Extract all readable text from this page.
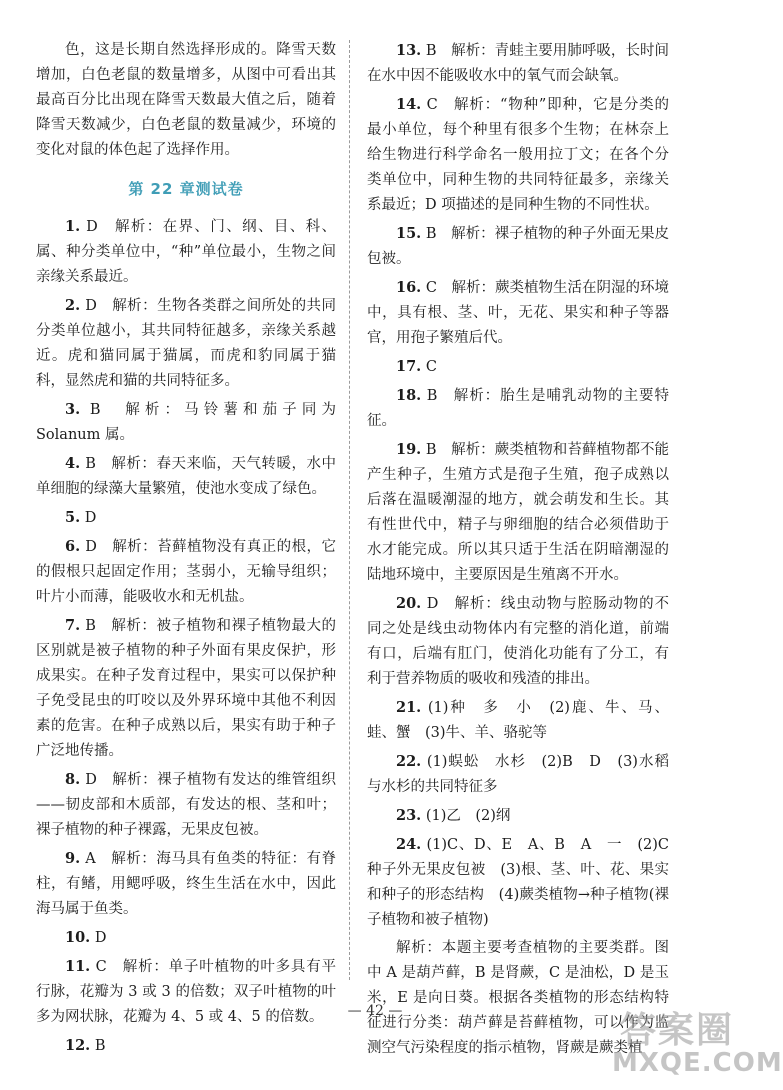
色，这是长期自然选择形成的。降雪天数增加，白色老鼠的数量增多，从图中可看出其最高百分比出现在降雪天数最大值之后，随着降雪天数减少，白色老鼠的数量减少，环境的变化对鼠的体色起了选择作用。

第 22 章测试卷

1. D　解析：在界、门、纲、目、科、属、种分类单位中，“种”单位最小，生物之间亲缘关系最近。

2. D　解析：生物各类群之间所处的共同分类单位越小，其共同特征越多，亲缘关系越近。虎和猫同属于猫属，而虎和豹同属于猫科，显然虎和猫的共同特征多。

3. B　解析：马铃薯和茄子同为 Solanum 属。

4. B　解析：春天来临，天气转暖，水中单细胞的绿藻大量繁殖，使池水变成了绿色。

5. D

6. D　解析：苔藓植物没有真正的根，它的假根只起固定作用；茎弱小，无输导组织；叶片小而薄，能吸收水和无机盐。

7. B　解析：被子植物和裸子植物最大的区别就是被子植物的种子外面有果皮保护，形成果实。在种子发育过程中，果实可以保护种子免受昆虫的叮咬以及外界环境中其他不利因素的危害。在种子成熟以后，果实有助于种子广泛地传播。

8. D　解析：裸子植物有发达的维管组织——韧皮部和木质部，有发达的根、茎和叶；裸子植物的种子裸露，无果皮包被。

9. A　解析：海马具有鱼类的特征：有脊柱，有鳍，用鳃呼吸，终生生活在水中，因此海马属于鱼类。

10. D

11. C　解析：单子叶植物的叶多具有平行脉，花瓣为 3 或 3 的倍数；双子叶植物的叶多为网状脉，花瓣为 4、5 或 4、5 的倍数。

12. B

13. B　解析：青蛙主要用肺呼吸，长时间在水中因不能吸收水中的氧气而会缺氧。

14. C　解析：“物种”即种，它是分类的最小单位，每个种里有很多个生物；在林奈上给生物进行科学命名一般用拉丁文；在各个分类单位中，同种生物的共同特征最多，亲缘关系最近；D 项描述的是同种生物的不同性状。

15. B　解析：裸子植物的种子外面无果皮包被。

16. C　解析：蕨类植物生活在阴湿的环境中，具有根、茎、叶，无花、果实和种子等器官，用孢子繁殖后代。

17. C

18. B　解析：胎生是哺乳动物的主要特征。

19. B　解析：蕨类植物和苔藓植物都不能产生种子，生殖方式是孢子生殖，孢子成熟以后落在温暖潮湿的地方，就会萌发和生长。其有性世代中，精子与卵细胞的结合必须借助于水才能完成。所以其只适于生活在阴暗潮湿的陆地环境中，主要原因是生殖离不开水。

20. D　解析：线虫动物与腔肠动物的不同之处是线虫动物体内有完整的消化道，前端有口，后端有肛门，使消化功能有了分工，有利于营养物质的吸收和残渣的排出。

21. (1)种　多　小　(2)鹿、牛、马、蛙、蟹　(3)牛、羊、骆驼等

22. (1)蜈蚣　水杉　(2)B　D　(3)水稻与水杉的共同特征多

23. (1)乙　(2)纲

24. (1)C、D、E　A、B　A　一　(2)C 种子外无果皮包被　(3)根、茎、叶、花、果实和种子的形态结构　(4)蕨类植物→种子植物(裸子植物和被子植物)

解析：本题主要考查植物的主要类群。图中 A 是葫芦藓，B 是肾蕨，C 是油松，D 是玉米，E 是向日葵。根据各类植物的形态结构特征进行分类：葫芦藓是苔藓植物，可以作为监测空气污染程度的指示植物，肾蕨是蕨类植

— 42 —	答案圈
MXQE.COM
